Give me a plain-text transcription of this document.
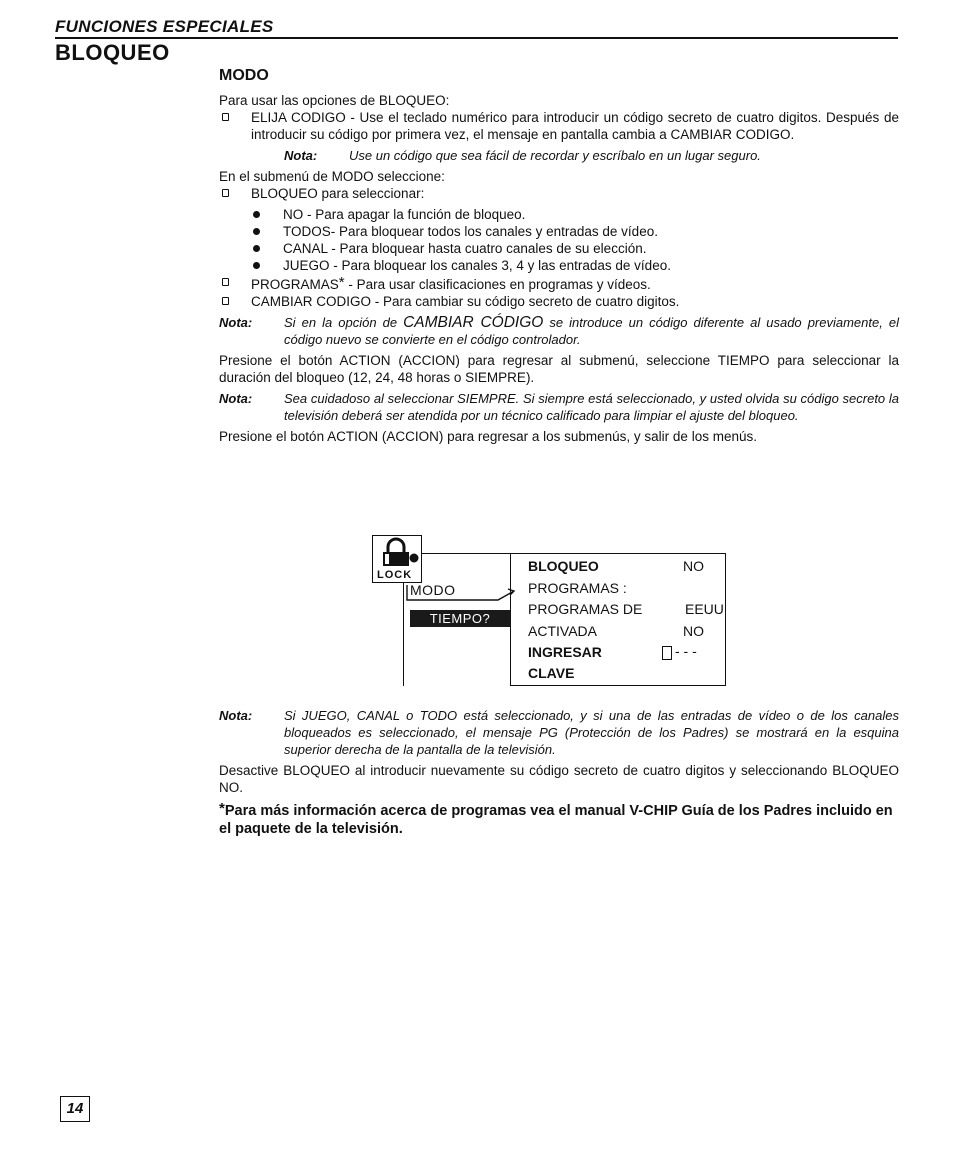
FUNCIONES ESPECIALES
BLOQUEO
MODO

Para usar las opciones de BLOQUEO:

ELIJA CODIGO - Use el teclado numérico para introducir un código secreto de cuatro digitos. Después de introducir su código por primera vez, el mensaje en pantalla cambia a CAMBIAR CODIGO.
Nota: Use un código que sea fácil de recordar y escríbalo en un lugar seguro.

En el submenú de MODO seleccione:

BLOQUEO para seleccionar:
NO - Para apagar la función de bloqueo.
TODOS- Para bloquear todos los canales y entradas de vídeo.
CANAL - Para bloquear hasta cuatro canales de su elección.
JUEGO - Para bloquear los canales 3, 4 y las entradas de vídeo.
PROGRAMAS* - Para usar clasificaciones en programas y vídeos.
CAMBIAR CODIGO - Para cambiar su código secreto de cuatro digitos.
Nota: Si en la opción de CAMBIAR CÓDIGO se introduce un código diferente al usado previamente, el código nuevo se convierte en el código controlador.

Presione el botón ACTION (ACCION) para regresar al submenú, seleccione TIEMPO para seleccionar la duración del bloqueo (12, 24, 48 horas o SIEMPRE).

Nota: Sea cuidadoso al seleccionar SIEMPRE. Si siempre está seleccionado, y usted olvida su código secreto la televisión deberá ser atendida por un técnico calificado para limpiar el ajuste del bloqueo.

Presione el botón ACTION (ACCION) para regresar a los submenús, y salir de los menús.

LOCK
MODO
TIEMPO?
BLOQUEO	NO
PROGRAMAS :
PROGRAMAS DE	EEUU
ACTIVADA	NO
INGRESAR	- - -
CLAVE
Nota: Si JUEGO, CANAL o TODO está seleccionado, y si una de las entradas de vídeo o de los canales bloqueados es seleccionado, el mensaje PG (Protección de los Padres) se mostrará en la esquina superior derecha de la pantalla de la televisión.

Desactive BLOQUEO al introducir nuevamente su código secreto de cuatro digitos y seleccionando BLOQUEO NO.

*Para más información acerca de programas vea el manual V-CHIP Guía de los Padres incluido en el paquete de la televisión.

14
